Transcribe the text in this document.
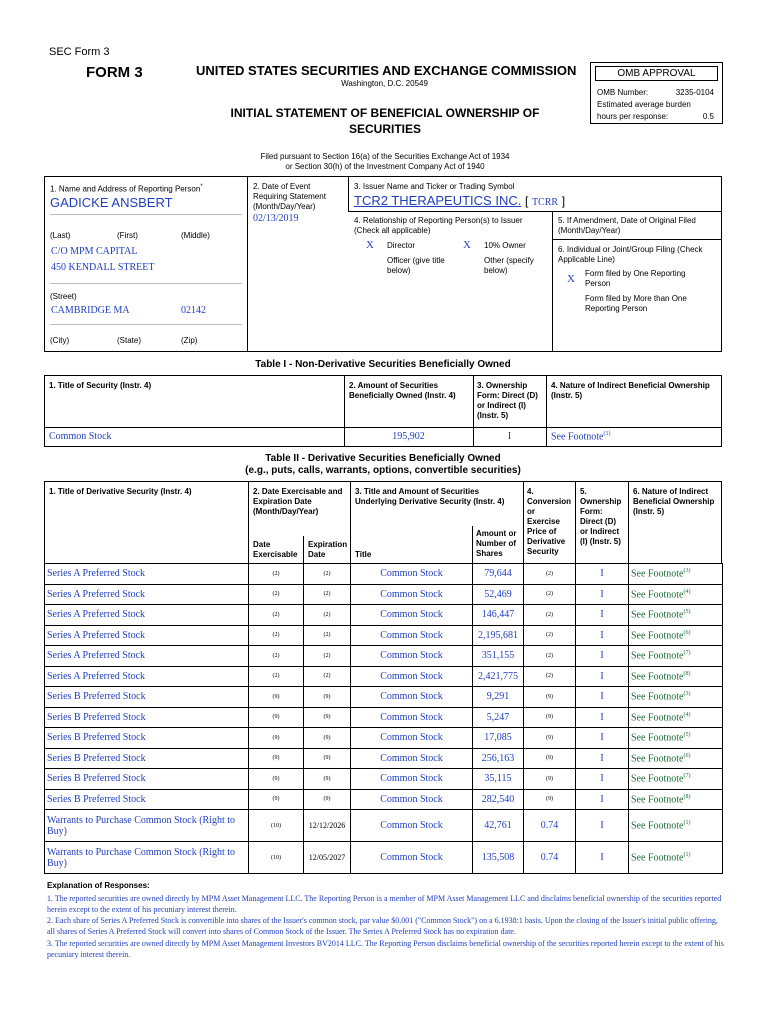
SEC Form 3
FORM 3	UNITED STATES SECURITIES AND EXCHANGE COMMISSION
Washington, D.C. 20549
INITIAL STATEMENT OF BENEFICIAL OWNERSHIP OF SECURITIES
OMB APPROVAL
OMB Number:	3235-0104
Estimated average burden
hours per response:	0.5
Filed pursuant to Section 16(a) of the Securities Exchange Act of 1934
or Section 30(h) of the Investment Company Act of 1940
1. Name and Address of Reporting Person*
GADICKE ANSBERT
(Last)	(First)	(Middle)
C/O MPM CAPITAL
450 KENDALL STREET
(Street)
CAMBRIDGE MA	02142
(City)	(State)	(Zip)
2. Date of Event
Requiring Statement
(Month/Day/Year)
02/13/2019
3. Issuer Name and Ticker or Trading Symbol
TCR2 THERAPEUTICS INC. [ TCRR ]
4. Relationship of Reporting Person(s) to Issuer
(Check all applicable)
X Director	X 10% Owner
Officer (give title
below)
Other (specify
below)
5. If Amendment, Date of Original Filed
(Month/Day/Year)
6. Individual or Joint/Group Filing (Check
Applicable Line)
X Form filed by One Reporting
Person
Form filed by More than One
Reporting Person
Table I - Non-Derivative Securities Beneficially Owned
1. Title of Security (Instr. 4)	2. Amount of Securities
Beneficially Owned (Instr. 4)
3. Ownership
Form: Direct (D)
or Indirect (I)
(Instr. 5)
4. Nature of Indirect Beneficial Ownership
(Instr. 5)
Common Stock	195,902	I	See Footnote$^{(1)}$
Table II - Derivative Securities Beneficially Owned
(e.g., puts, calls, warrants, options, convertible securities)
1. Title of Derivative Security (Instr. 4)	2. Date Exercisable and
Expiration Date
(Month/Day/Year)
Date
Exercisable
Expiration
Date
3. Title and Amount of Securities
Underlying Derivative Security (Instr. 4)
Title
Amount or
Number of
Shares
4.
Conversion
or
Exercise
Price of
Derivative
Security
5.
Ownership
Form:
Direct (D)
or Indirect
(I) (Instr. 5)
6. Nature of Indirect
Beneficial Ownership
(Instr. 5)
Series A Preferred Stock	(2)	(2)	Common Stock	79,644	(2)	I	See Footnote$^{(3)}$
Series A Preferred Stock	(2)	(2)	Common Stock	52,469	(2)	I	See Footnote$^{(4)}$
Series A Preferred Stock	(2)	(2)	Common Stock	146,447	(2)	I	See Footnote$^{(5)}$
Series A Preferred Stock	(2)	(2)	Common Stock	2,195,681	(2)	I	See Footnote$^{(6)}$
Series A Preferred Stock	(2)	(2)	Common Stock	351,155	(2)	I	See Footnote$^{(7)}$
Series A Preferred Stock	(2)	(2)	Common Stock	2,421,775	(2)	I	See Footnote$^{(8)}$
Series B Preferred Stock	(9)	(9)	Common Stock	9,291	(9)	I	See Footnote$^{(3)}$
Series B Preferred Stock	(9)	(9)	Common Stock	5,247	(9)	I	See Footnote$^{(4)}$
Series B Preferred Stock	(9)	(9)	Common Stock	17,085	(9)	I	See Footnote$^{(5)}$
Series B Preferred Stock	(9)	(9)	Common Stock	256,163	(9)	I	See Footnote$^{(6)}$
Series B Preferred Stock	(9)	(9)	Common Stock	35,115	(9)	I	See Footnote$^{(7)}$
Series B Preferred Stock	(9)	(9)	Common Stock	282,540	(9)	I	See Footnote$^{(8)}$
Warrants to Purchase Common Stock (Right to Buy)	(10)	12/12/2026	Common Stock	42,761	0.74	I	See Footnote$^{(1)}$
Warrants to Purchase Common Stock (Right to Buy)	(10)	12/05/2027	Common Stock	135,508	0.74	I	See Footnote$^{(1)}$
Explanation of Responses:
1. The reported securities are owned directly by MPM Asset Management LLC. The Reporting Person is a member of MPM Asset Management LLC and disclaims beneficial ownership of the securities reported herein except to the extent of his pecuniary interest therein.
2. Each share of Series A Preferred Stock is convertible into shares of the Issuer's common stock, par value $0.001 ("Common Stock") on a 6.1938:1 basis. Upon the closing of the Issuer's initial public offering, all shares of Series A Preferred Stock will convert into shares of Common Stock of the Issuer. The Series A Preferred Stock has no expiration date.
3. The reported securities are owned directly by MPM Asset Management Investors BV2014 LLC. The Reporting Person disclaims beneficial ownership of the securities reported herein except to the extent of his pecuniary interest therein.
